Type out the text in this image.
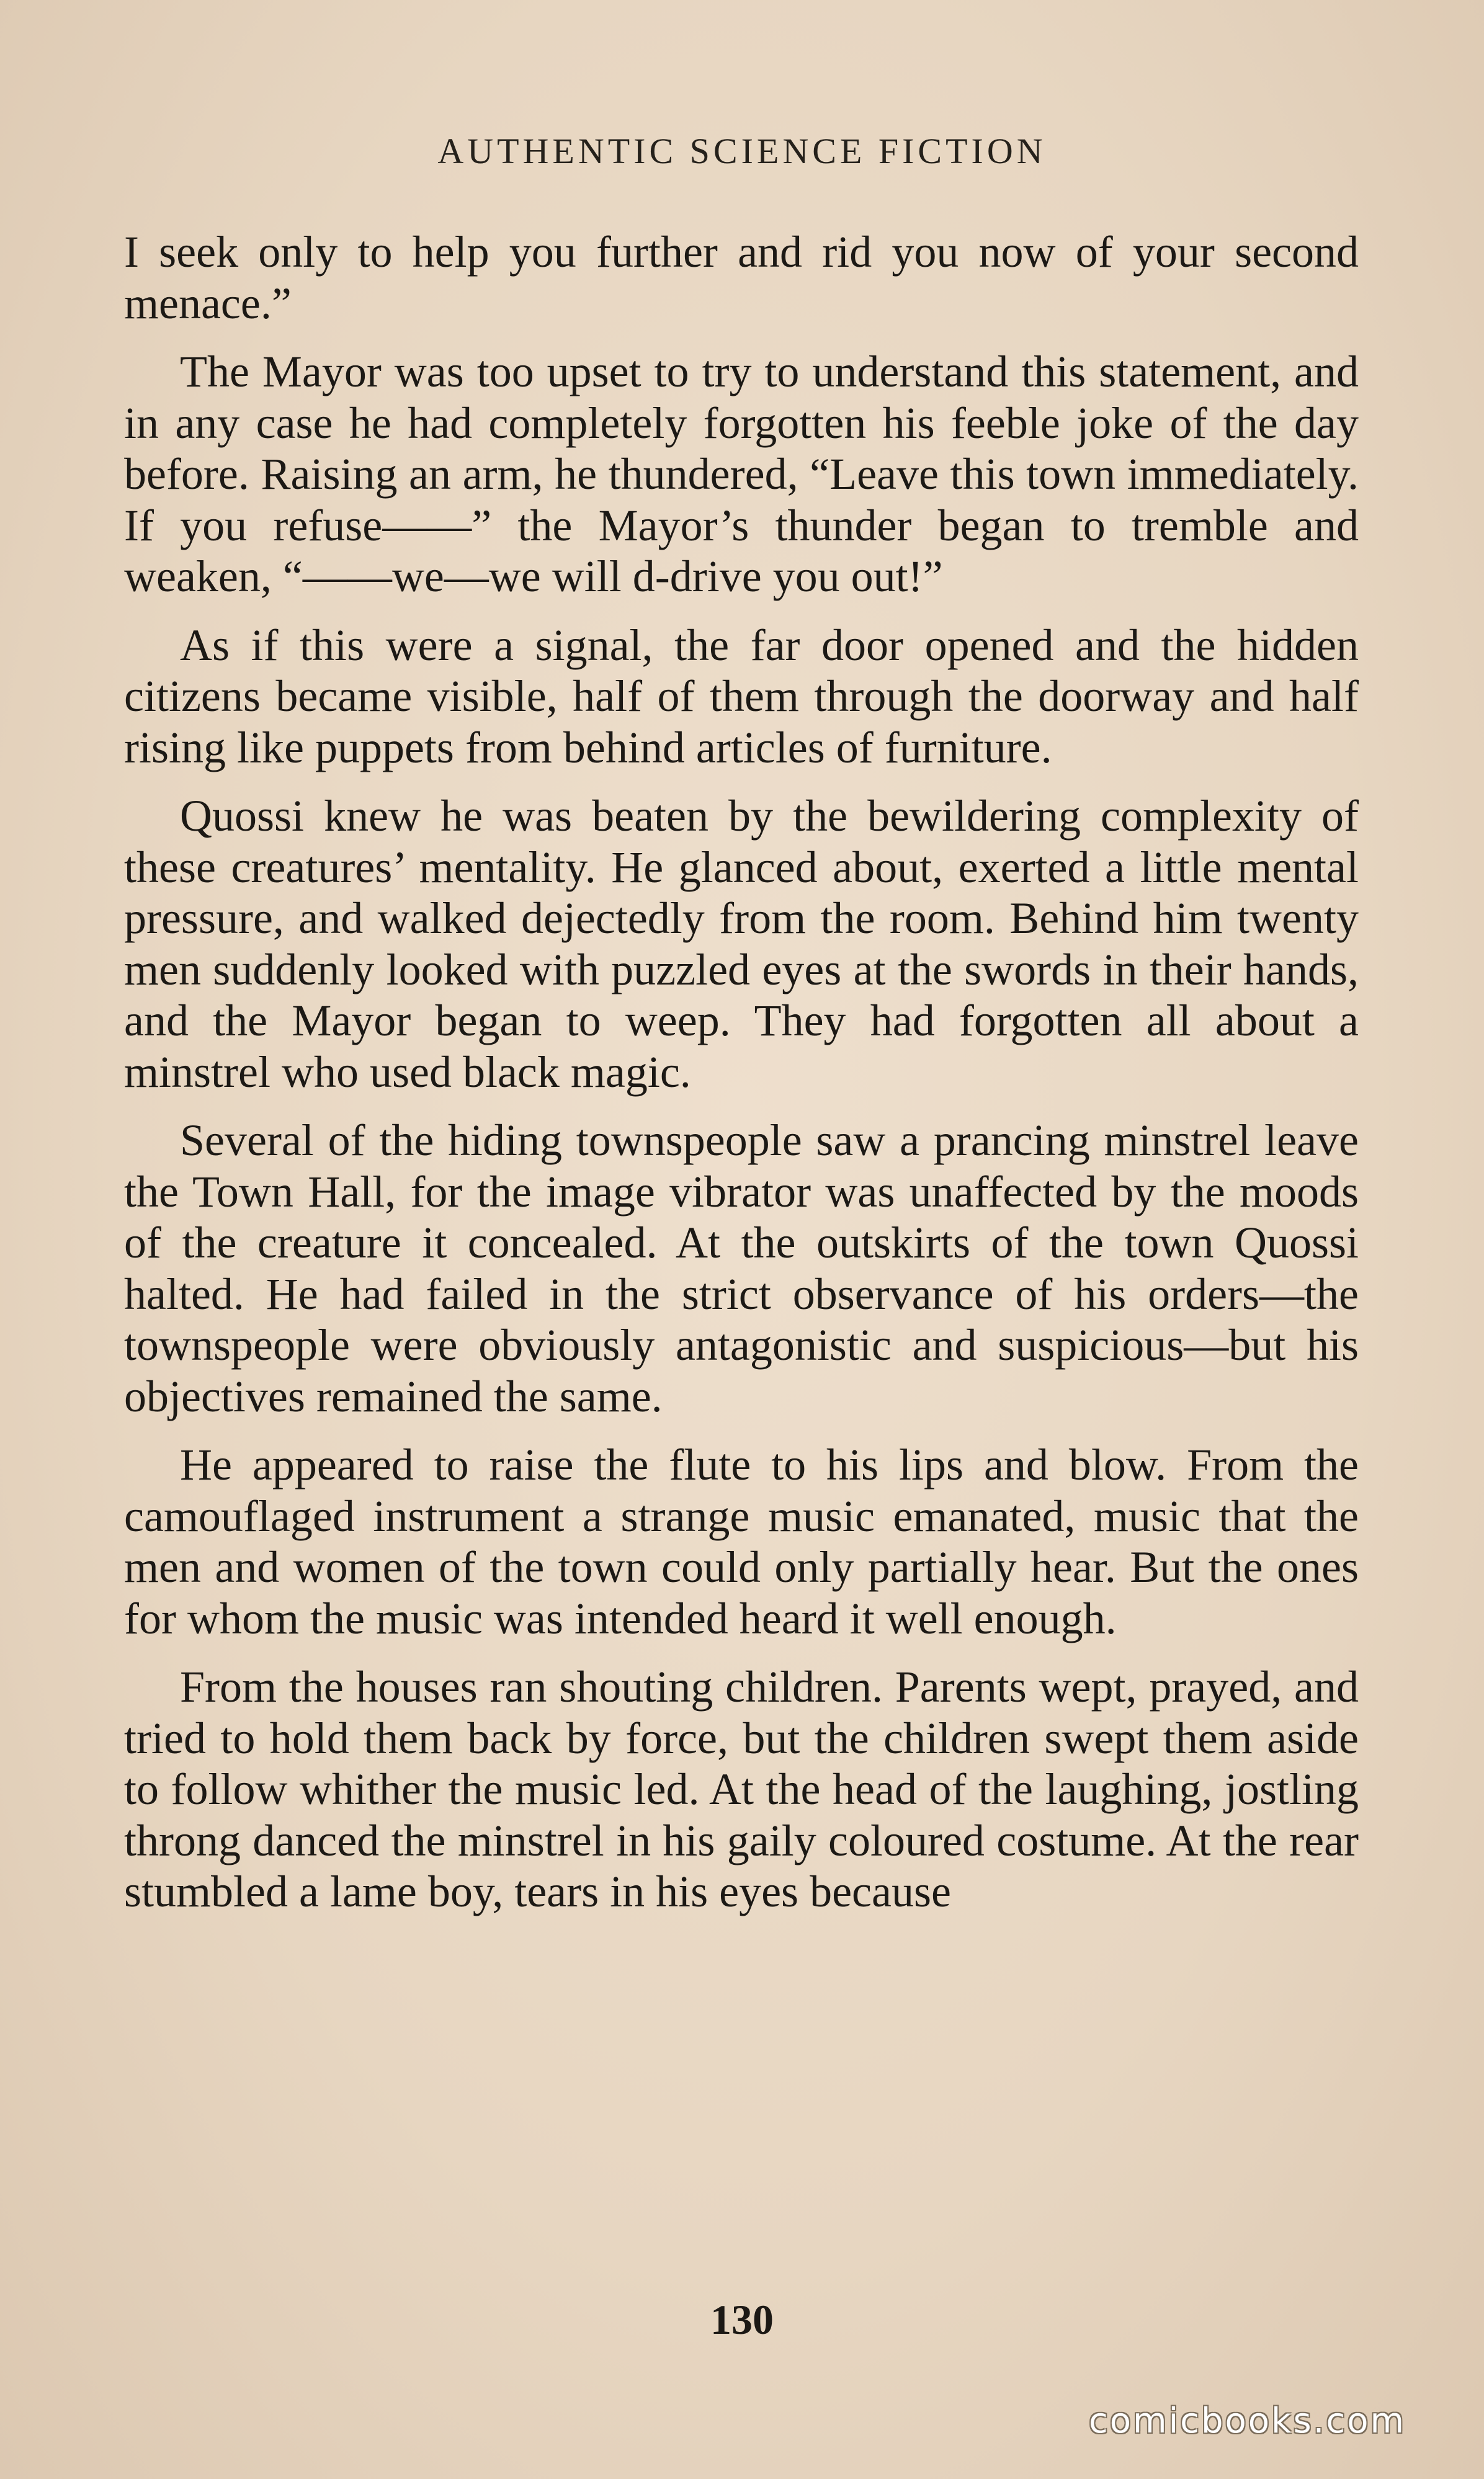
AUTHENTIC SCIENCE FICTION

I seek only to help you further and rid you now of your second menace.”

The Mayor was too upset to try to understand this statement, and in any case he had completely forgotten his feeble joke of the day before. Raising an arm, he thundered, “Leave this town immediately. If you refuse——” the Mayor’s thunder began to tremble and weaken, “——we—we will d-drive you out!”

As if this were a signal, the far door opened and the hidden citizens became visible, half of them through the doorway and half rising like puppets from behind articles of furniture.

Quossi knew he was beaten by the bewildering complexity of these creatures’ mentality. He glanced about, exerted a little mental pressure, and walked dejectedly from the room. Behind him twenty men suddenly looked with puzzled eyes at the swords in their hands, and the Mayor began to weep. They had forgotten all about a minstrel who used black magic.

Several of the hiding townspeople saw a prancing minstrel leave the Town Hall, for the image vibrator was unaffected by the moods of the creature it concealed. At the outskirts of the town Quossi halted. He had failed in the strict observance of his orders—the townspeople were obviously antagonistic and suspicious—but his objectives remained the same.

He appeared to raise the flute to his lips and blow. From the camouflaged instrument a strange music emanated, music that the men and women of the town could only partially hear. But the ones for whom the music was intended heard it well enough.

From the houses ran shouting children. Parents wept, prayed, and tried to hold them back by force, but the children swept them aside to follow whither the music led. At the head of the laughing, jostling throng danced the minstrel in his gaily coloured costume. At the rear stumbled a lame boy, tears in his eyes because

130
comicbooks.com
